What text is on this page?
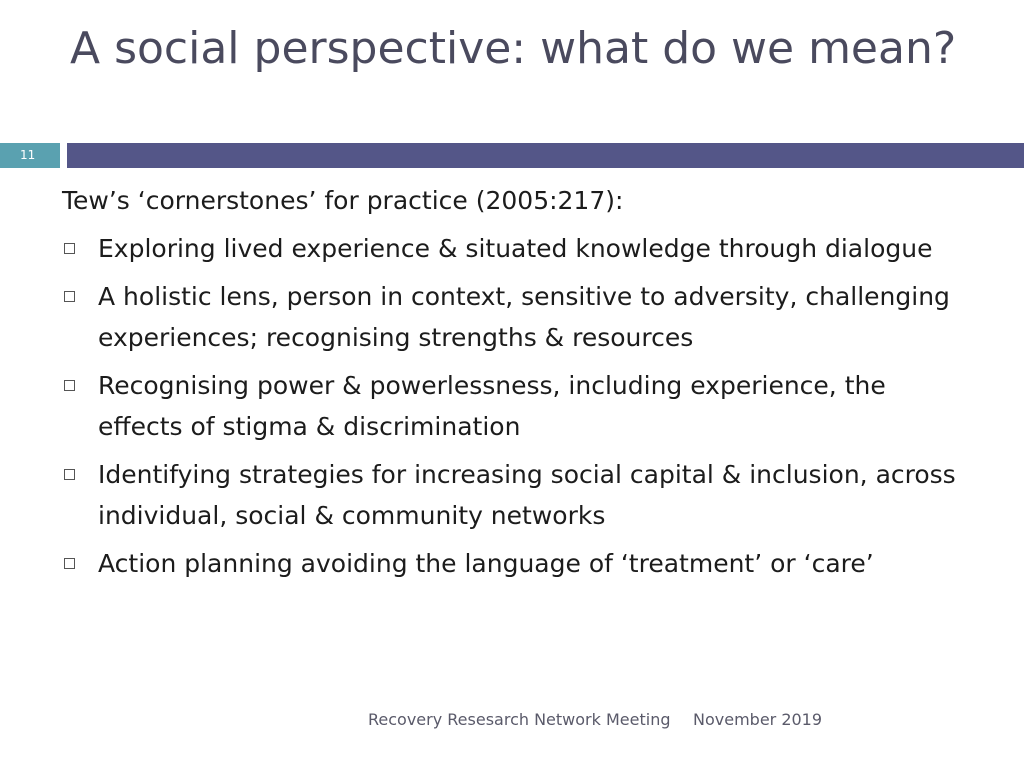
A social perspective: what do we mean?
11
Tew’s ‘cornerstones’ for practice (2005:217):
Exploring lived experience & situated knowledge through dialogue
A holistic lens, person in context, sensitive to adversity, challenging experiences; recognising strengths & resources
Recognising power & powerlessness, including experience, the effects of stigma & discrimination
Identifying strategies for increasing social capital & inclusion, across individual, social & community networks
Action planning avoiding the language of ‘treatment’ or ‘care’
Recovery Resesarch Network Meeting November 2019
